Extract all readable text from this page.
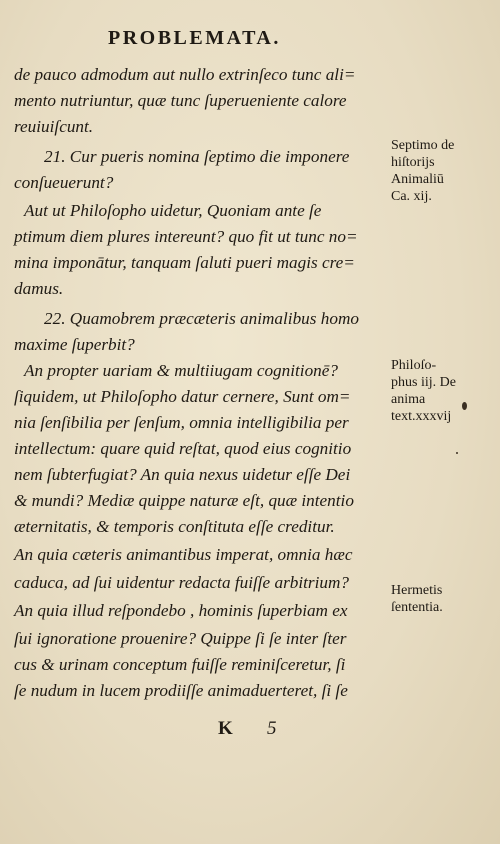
PROBLEMATA.
de pauco admodum aut nullo extrinſeco tunc ali=
mento nutriuntur, quæ tunc ſuperueniente calore
reuiuiſcunt.
21. Cur pueris nomina ſeptimo die imponere
conſueuerunt?
Aut ut Philoſopho uidetur, Quoniam ante ſe
ptimum diem plures intereunt? quo fit ut tunc no=
mina imponātur, tanquam ſaluti pueri magis cre=
damus.
22. Quamobrem præcæteris animalibus homo
maxime ſuperbit?
An propter uariam & multiiugam cognitionē?
ſiquidem, ut Philoſopho datur cernere, Sunt om=
nia ſenſibilia per ſenſum, omnia intelligibilia per
intellectum: quare quid reſtat, quod eius cognitio
nem ſubterfugiat? An quia nexus uidetur eſſe Dei
& mundi? Mediæ quippe naturæ eſt, quæ intentio
æternitatis, & temporis conſtituta eſſe creditur.
An quia cæteris animantibus imperat, omnia hæc
caduca, ad ſui uidentur redacta fuiſſe arbitrium?
An quia illud reſpondebo , hominis ſuperbiam ex
ſui ignoratione prouenire? Quippe ſi ſe inter ſter
cus & urinam conceptum fuiſſe reminiſceretur, ſi
ſe nudum in lucem prodiiſſe animaduerteret, ſi ſe
Septimo de
hiſtorijs
Animaliū
Ca. xij.
Philoſo-
phus iij. De
anima
text.xxxvij
Hermetis
ſententia.
K 5
